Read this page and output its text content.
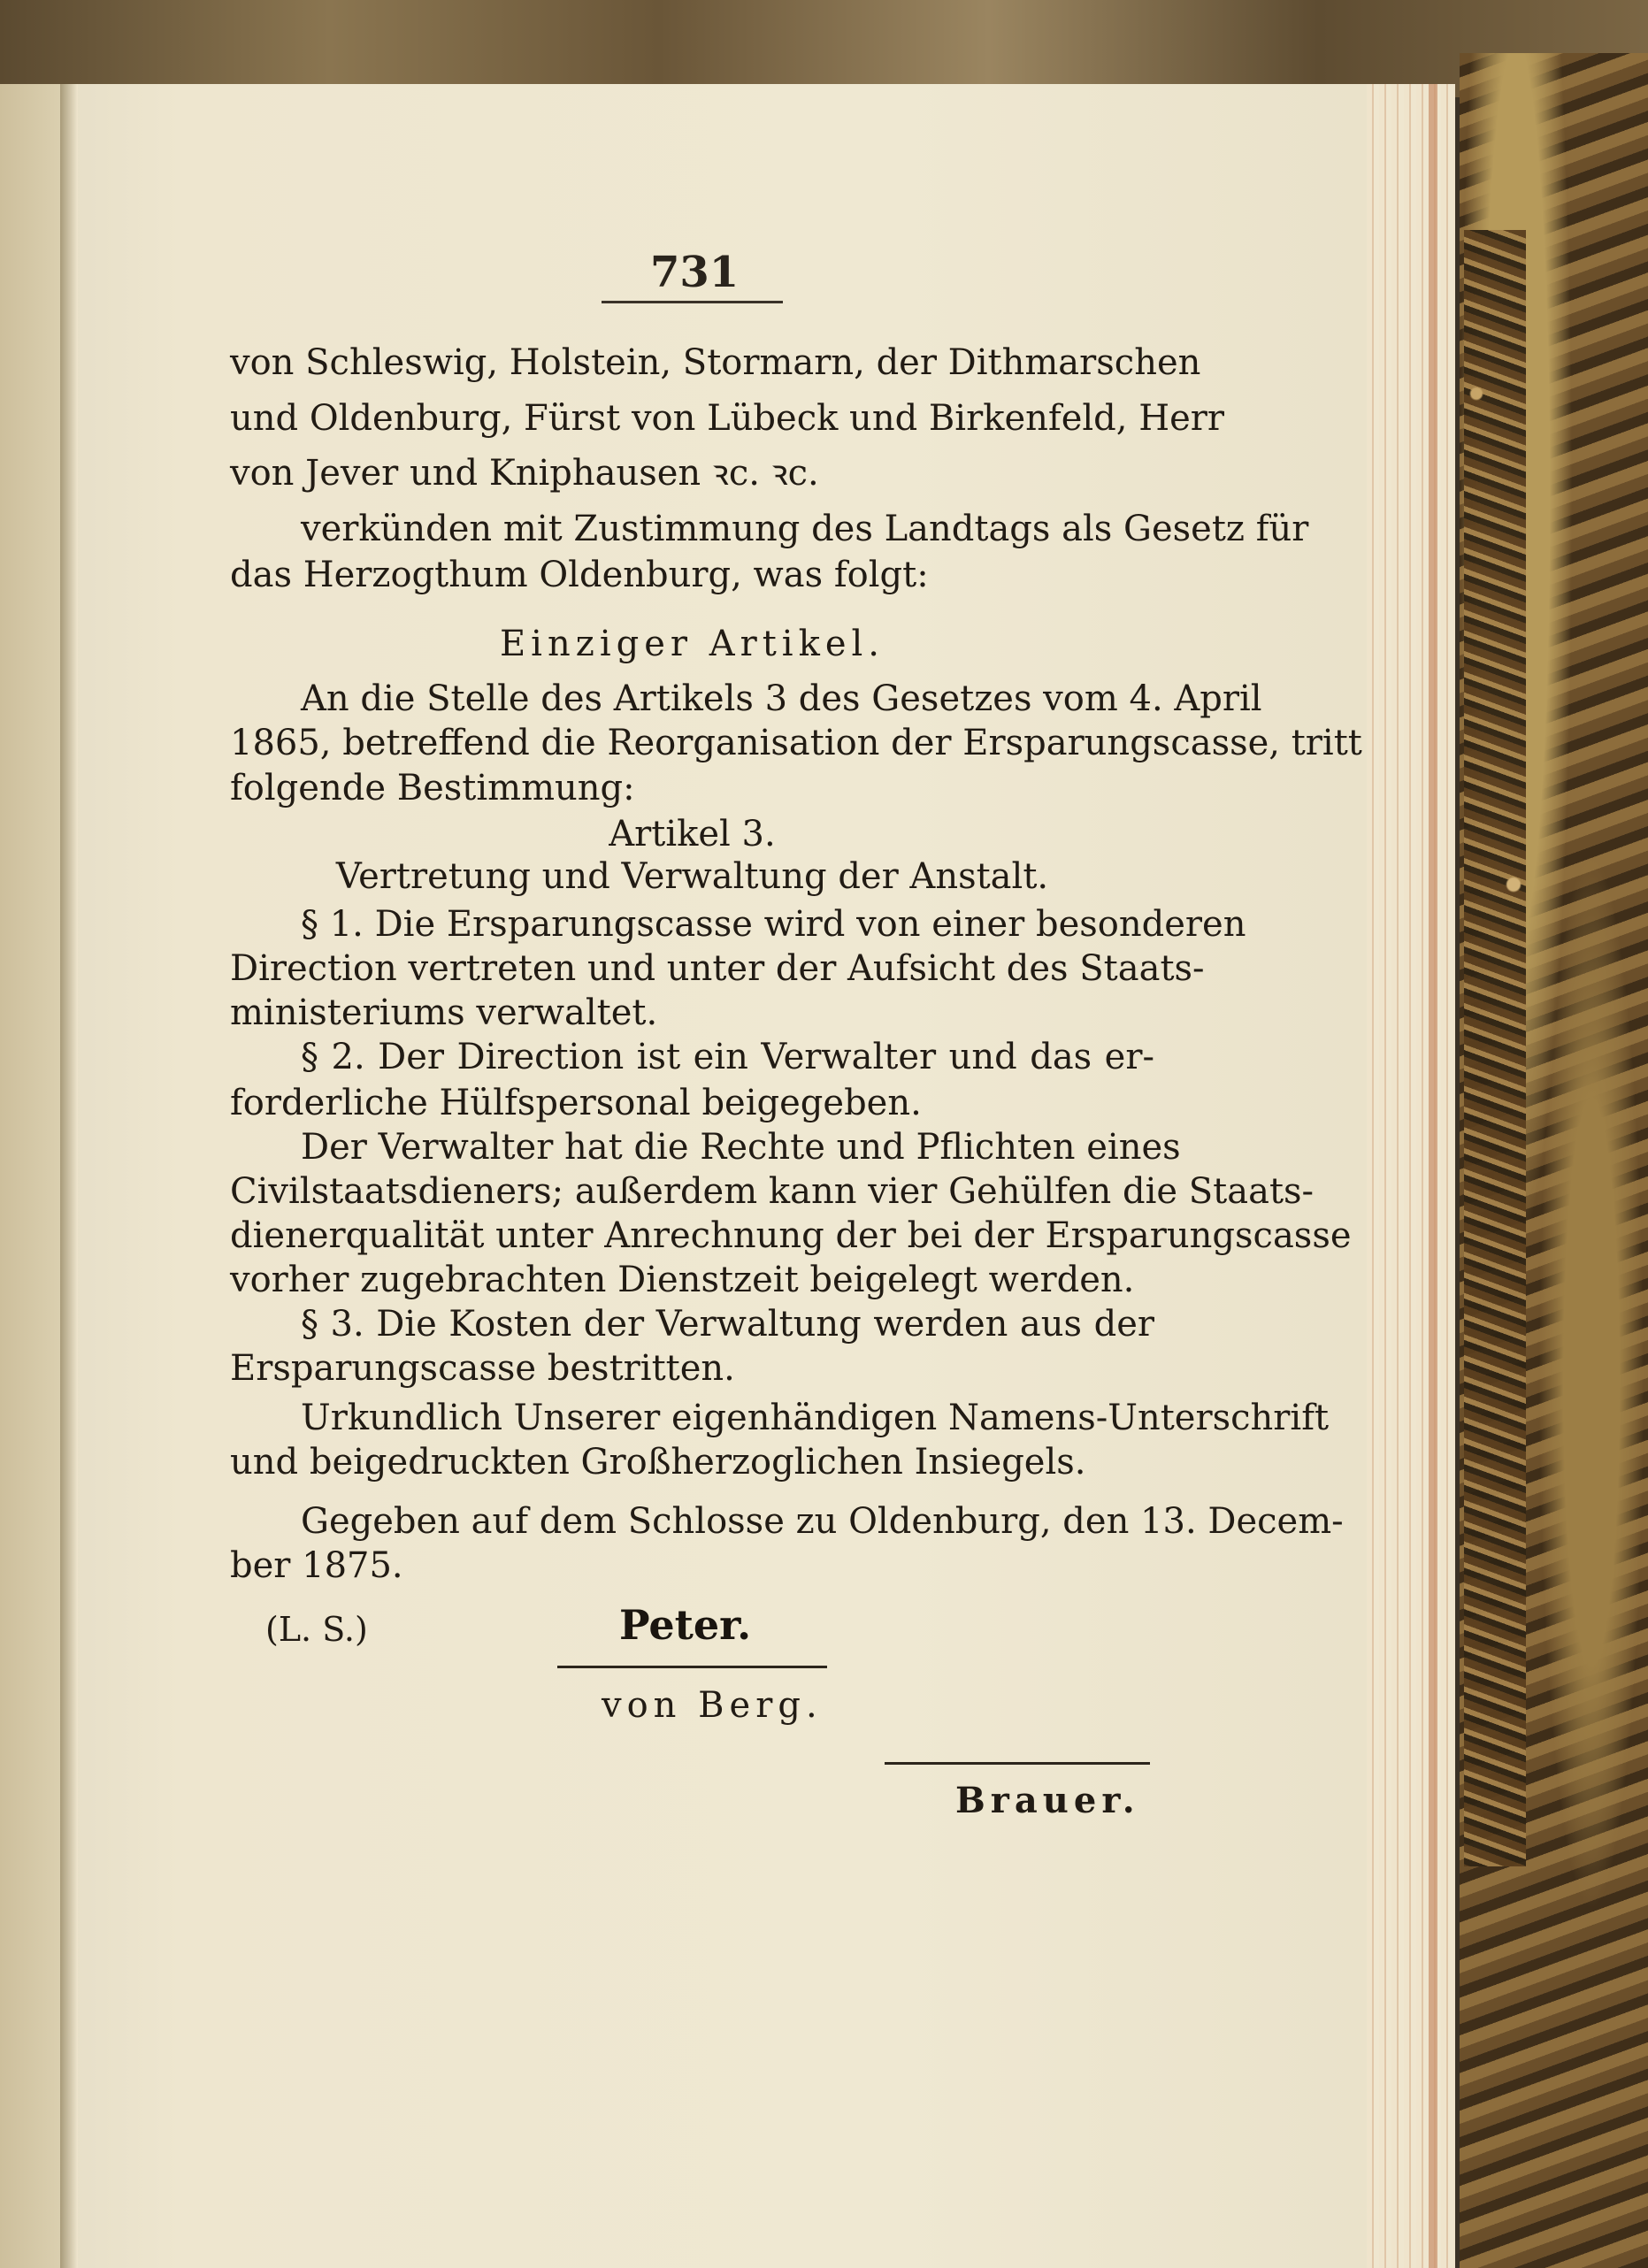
731
von Schleswig, Holstein, Stormarn, der Dithmarschen
und Oldenburg, Fürst von Lübeck und Birkenfeld, Herr
von Jever und Kniphausen ꝛc. ꝛc.
verkünden mit Zustimmung des Landtags als Gesetz für
das Herzogthum Oldenburg, was folgt:
Einziger Artikel.
An die Stelle des Artikels 3 des Gesetzes vom 4. April
1865, betreffend die Reorganisation der Ersparungscasse, tritt
folgende Bestimmung:
Artikel 3.
Vertretung und Verwaltung der Anstalt.
§ 1. Die Ersparungscasse wird von einer besonderen
Direction vertreten und unter der Aufsicht des Staats-
ministeriums verwaltet.
§ 2. Der Direction ist ein Verwalter und das er-
forderliche Hülfspersonal beigegeben.
Der Verwalter hat die Rechte und Pflichten eines
Civilstaatsdieners; außerdem kann vier Gehülfen die Staats-
dienerqualität unter Anrechnung der bei der Ersparungscasse
vorher zugebrachten Dienstzeit beigelegt werden.
§ 3. Die Kosten der Verwaltung werden aus der
Ersparungscasse bestritten.
Urkundlich Unserer eigenhändigen Namens-Unterschrift
und beigedruckten Großherzoglichen Insiegels.
Gegeben auf dem Schlosse zu Oldenburg, den 13. Decem-
ber 1875.
(L. S.)	Peter.
von Berg.
Brauer.
